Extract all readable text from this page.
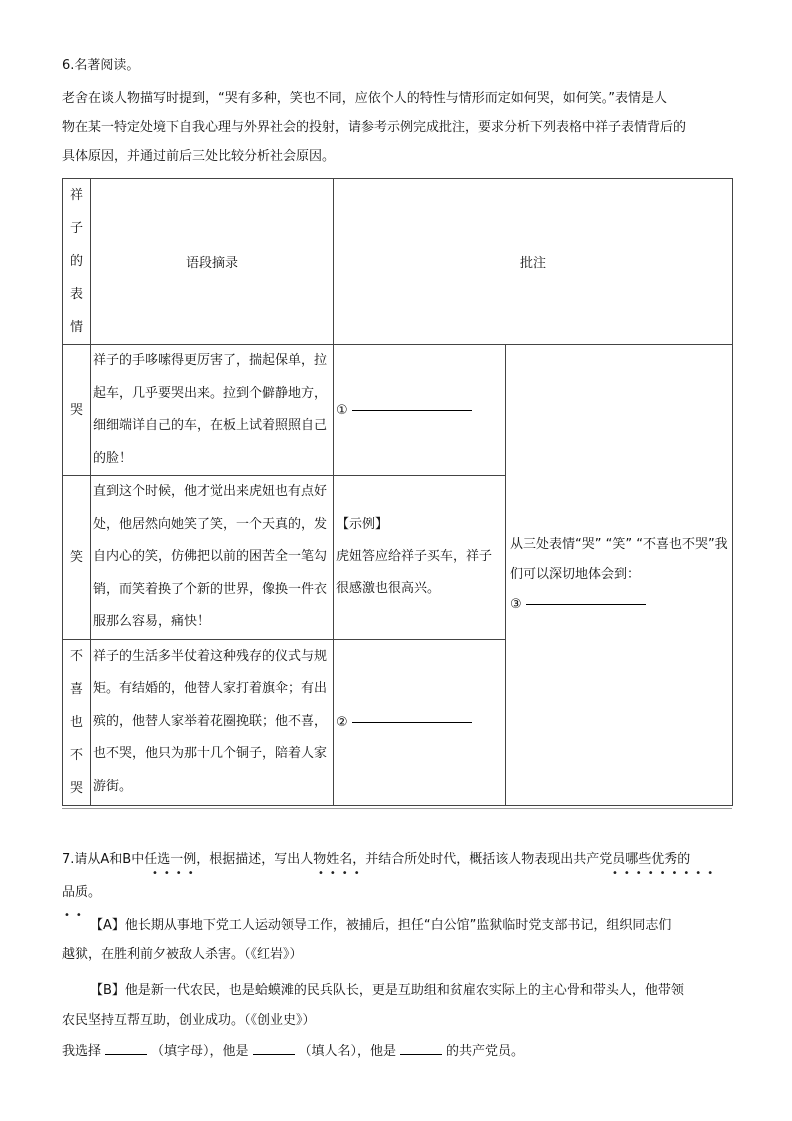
6.名著阅读。
老舍在谈人物描写时提到，“哭有多种，笑也不同，应依个人的特性与情形而定如何哭，如何笑。”表情是人
物在某一特定处境下自我心理与外界社会的投射，请参考示例完成批注，要求分析下列表格中祥子表情背后的
具体原因，并通过前后三处比较分析社会原因。
祥
子
的
表
情	语段摘录	批注	

哭	祥子的手哆嗦得更厉害了，揣起保单，拉起车，几乎要哭出来。拉到个僻静地方，细细端详自己的车，在板上试着照照自己的脸！	①	从三处表情“哭” “笑” “不喜也不哭”我们可以深切地体会到：
③

笑	直到这个时候，他才觉出来虎妞也有点好处，他居然向她笑了笑，一个天真的，发自内心的笑，仿佛把以前的困苦全一笔勾销，而笑着换了个新的世界，像换一件衣服那么容易，痛快！	【示例】
虎妞答应给祥子买车，祥子很感激也很高兴。	

不
喜
也
不
哭	祥子的生活多半仗着这种残存的仪式与规矩。有结婚的，他替人家打着旗伞；有出殡的，他替人家举着花圈挽联；他不喜，也不哭，他只为那十几个铜子，陪着人家游街。	②	
7.请从A和B中任选一例，根据描述，写出人物姓名，并结合所处时代，概括该人物表现出共产党员哪些优秀的
••••	••••	•••••••••
品质。
••
【A】他长期从事地下党工人运动领导工作，被捕后，担任“白公馆”监狱临时党支部书记，组织同志们
越狱，在胜利前夕被敌人杀害。（《红岩》）
【B】他是新一代农民，也是蛤蟆滩的民兵队长，更是互助组和贫雇农实际上的主心骨和带头人，他带领
农民坚持互帮互助，创业成功。（《创业史》）
我选择	（填字母），他是	（填人名），他是	的共产党员。
